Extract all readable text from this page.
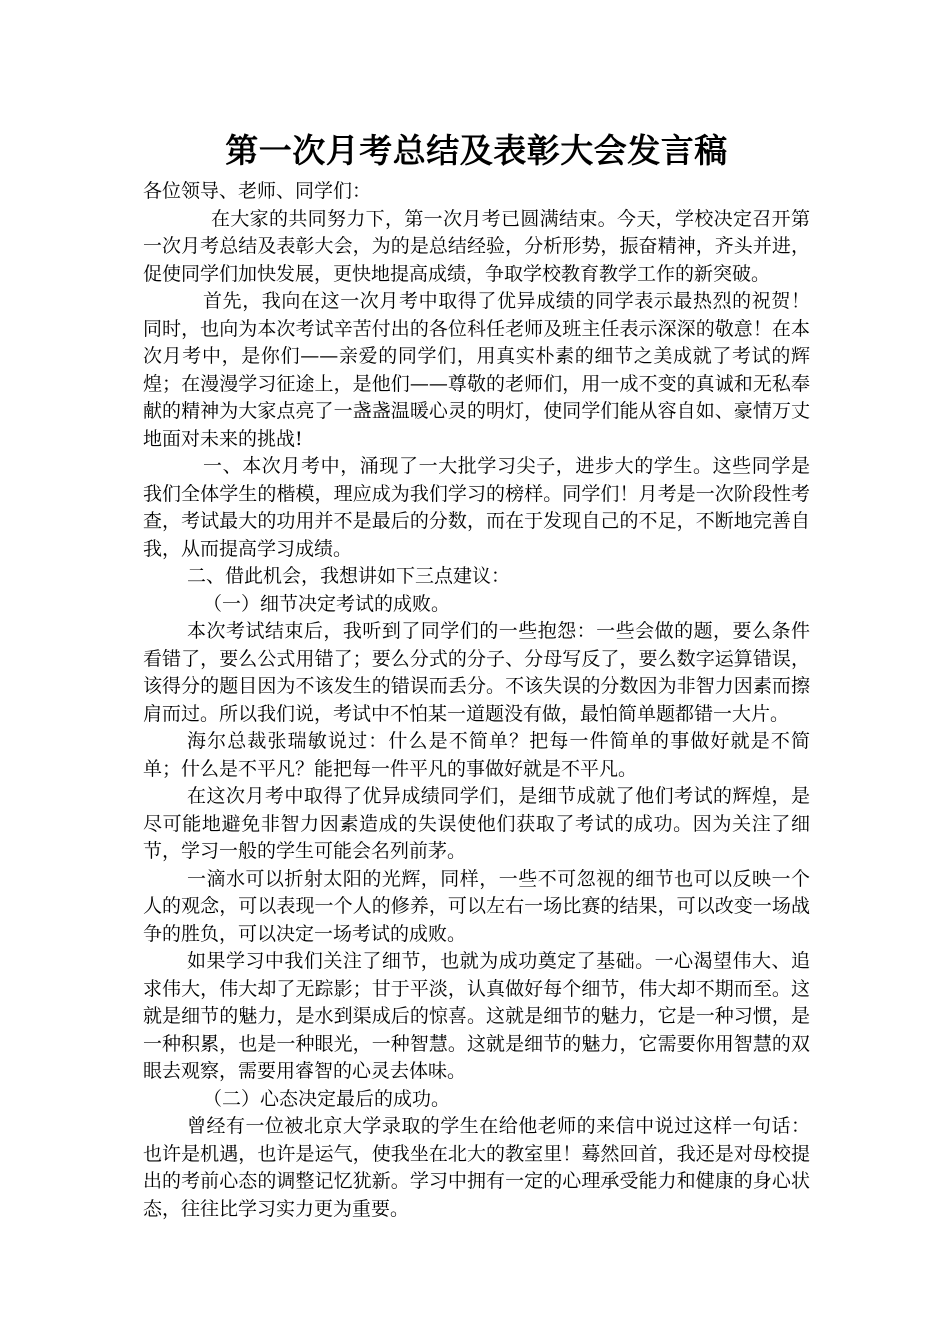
第一次月考总结及表彰大会发言稿

各位领导、老师、同学们：

在大家的共同努力下，第一次月考已圆满结束。今天，学校决定召开第一次月考总结及表彰大会，为的是总结经验，分析形势，振奋精神，齐头并进，促使同学们加快发展，更快地提高成绩，争取学校教育教学工作的新突破。

首先，我向在这一次月考中取得了优异成绩的同学表示最热烈的祝贺！同时，也向为本次考试辛苦付出的各位科任老师及班主任表示深深的敬意！在本次月考中，是你们——亲爱的同学们，用真实朴素的细节之美成就了考试的辉煌；在漫漫学习征途上，是他们——尊敬的老师们，用一成不变的真诚和无私奉献的精神为大家点亮了一盏盏温暖心灵的明灯，使同学们能从容自如、豪情万丈地面对未来的挑战!

一、本次月考中，涌现了一大批学习尖子，进步大的学生。这些同学是我们全体学生的楷模，理应成为我们学习的榜样。同学们！月考是一次阶段性考查，考试最大的功用并不是最后的分数，而在于发现自己的不足，不断地完善自我，从而提高学习成绩。

二、借此机会，我想讲如下三点建议：

（一）细节决定考试的成败。

本次考试结束后，我听到了同学们的一些抱怨：一些会做的题，要么条件看错了，要么公式用错了；要么分式的分子、分母写反了，要么数字运算错误，该得分的题目因为不该发生的错误而丢分。不该失误的分数因为非智力因素而擦肩而过。所以我们说，考试中不怕某一道题没有做，最怕简单题都错一大片。

海尔总裁张瑞敏说过：什么是不简单？把每一件简单的事做好就是不简单；什么是不平凡？能把每一件平凡的事做好就是不平凡。

在这次月考中取得了优异成绩同学们，是细节成就了他们考试的辉煌，是尽可能地避免非智力因素造成的失误使他们获取了考试的成功。因为关注了细节，学习一般的学生可能会名列前茅。

一滴水可以折射太阳的光辉，同样，一些不可忽视的细节也可以反映一个人的观念，可以表现一个人的修养，可以左右一场比赛的结果，可以改变一场战争的胜负，可以决定一场考试的成败。

如果学习中我们关注了细节，也就为成功奠定了基础。一心渴望伟大、追求伟大，伟大却了无踪影；甘于平淡，认真做好每个细节，伟大却不期而至。这就是细节的魅力，是水到渠成后的惊喜。这就是细节的魅力，它是一种习惯，是一种积累，也是一种眼光，一种智慧。这就是细节的魅力，它需要你用智慧的双眼去观察，需要用睿智的心灵去体味。

（二）心态决定最后的成功。

曾经有一位被北京大学录取的学生在给他老师的来信中说过这样一句话：也许是机遇，也许是运气，使我坐在北大的教室里！蓦然回首，我还是对母校提出的考前心态的调整记忆犹新。学习中拥有一定的心理承受能力和健康的身心状态，往往比学习实力更为重要。
